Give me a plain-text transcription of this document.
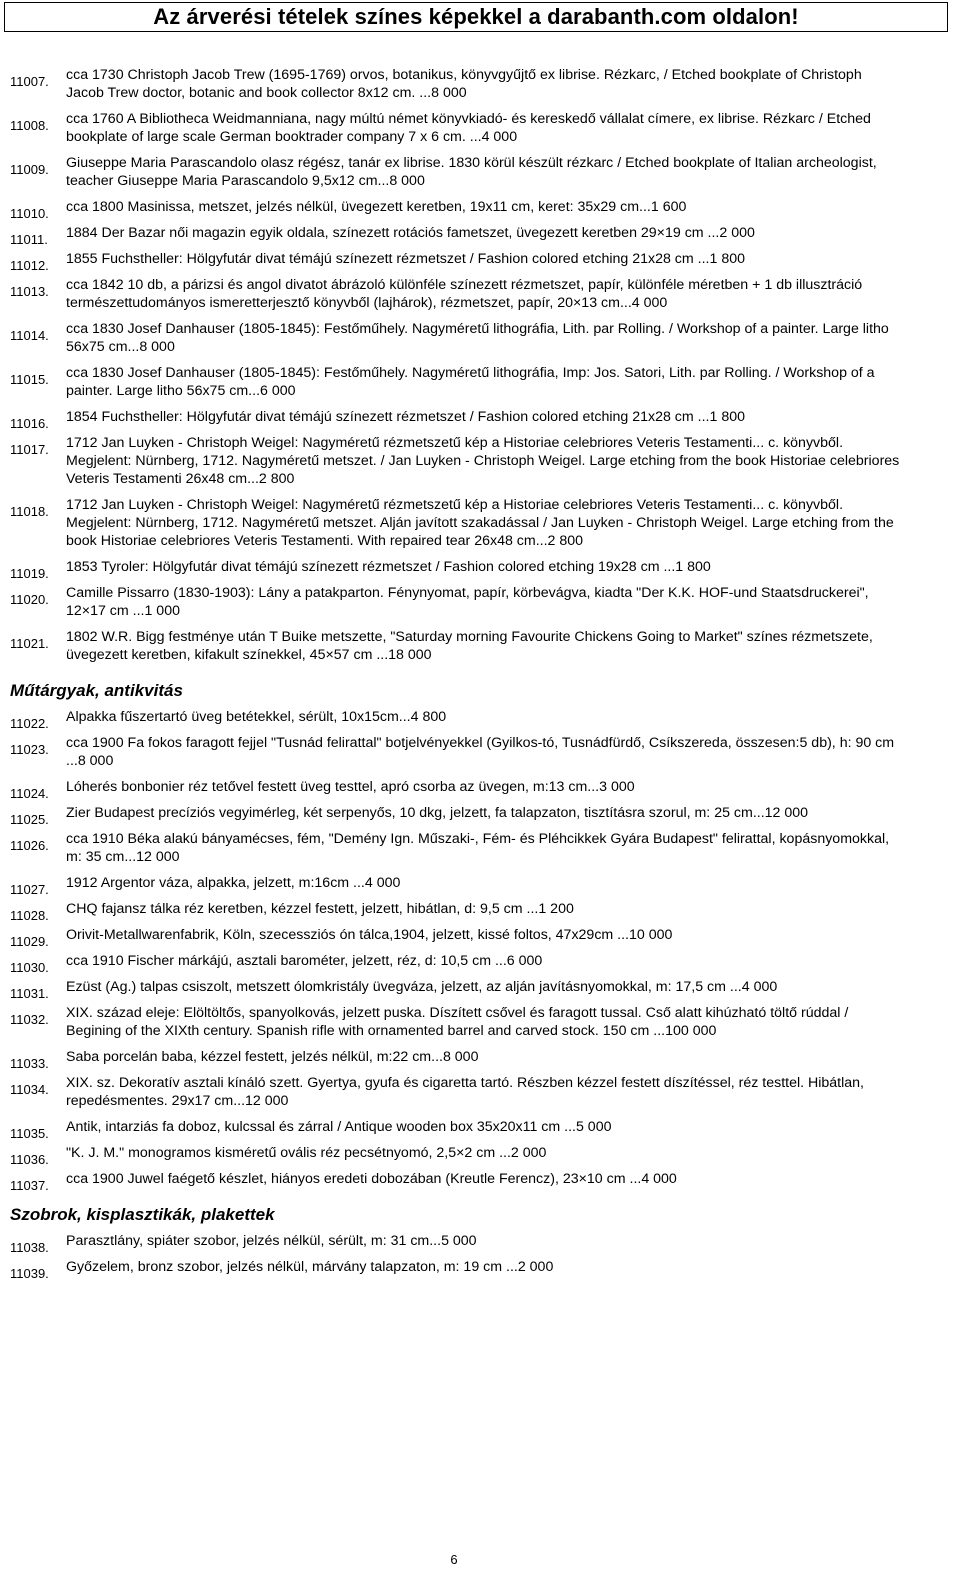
Az árverési tételek színes képekkel a darabanth.com oldalon!
11007. cca 1730 Christoph Jacob Trew (1695-1769) orvos, botanikus, könyvgyűjtő ex librise. Rézkarc, / Etched bookplate of Christoph Jacob Trew doctor, botanic and book collector 8x12 cm. ...8 000
11008. cca 1760 A Bibliotheca Weidmanniana, nagy múltú német könyvkiadó- és kereskedő vállalat címere, ex librise. Rézkarc / Etched bookplate of large scale German booktrader company 7 x 6 cm. ...4 000
11009. Giuseppe Maria Parascandolo olasz régész, tanár ex librise. 1830 körül készült rézkarc / Etched bookplate of Italian archeologist, teacher Giuseppe Maria Parascandolo 9,5x12 cm...8 000
11010. cca 1800 Masinissa, metszet, jelzés nélkül, üvegezett keretben, 19x11 cm, keret: 35x29 cm...1 600
11011. 1884 Der Bazar női magazin egyik oldala, színezett rotációs fametszet, üvegezett keretben 29×19 cm ...2 000
11012. 1855 Fuchstheller: Hölgyfutár divat témájú színezett rézmetszet / Fashion colored etching 21x28 cm ...1 800
11013. cca 1842 10 db, a párizsi és angol divatot ábrázoló különféle színezett rézmetszet, papír, különféle méretben + 1 db illusztráció természettudományos ismeretterjesztő könyvből (lajhárok), rézmetszet, papír, 20×13 cm...4 000
11014. cca 1830 Josef Danhauser (1805-1845): Festőműhely. Nagyméretű lithográfia, Lith. par Rolling. / Workshop of a painter. Large litho 56x75 cm...8 000
11015. cca 1830 Josef Danhauser (1805-1845): Festőműhely. Nagyméretű lithográfia, Imp: Jos. Satori, Lith. par Rolling. / Workshop of a painter. Large litho 56x75 cm...6 000
11016. 1854 Fuchstheller: Hölgyfutár divat témájú színezett rézmetszet / Fashion colored etching 21x28 cm ...1 800
11017. 1712 Jan Luyken - Christoph Weigel: Nagyméretű rézmetszetű kép a Historiae celebriores Veteris Testamenti... c. könyvből. Megjelent: Nürnberg, 1712. Nagyméretű metszet. / Jan Luyken - Christoph Weigel. Large etching from the book Historiae celebriores Veteris Testamenti 26x48 cm...2 800
11018. 1712 Jan Luyken - Christoph Weigel: Nagyméretű rézmetszetű kép a Historiae celebriores Veteris Testamenti... c. könyvből. Megjelent: Nürnberg, 1712. Nagyméretű metszet. Alján javított szakadással / Jan Luyken - Christoph Weigel. Large etching from the book Historiae celebriores Veteris Testamenti. With repaired tear 26x48 cm...2 800
11019. 1853 Tyroler: Hölgyfutár divat témájú színezett rézmetszet / Fashion colored etching 19x28 cm ...1 800
11020. Camille Pissarro (1830-1903): Lány a patakparton. Fénynyomat, papír, körbevágva, kiadta "Der K.K. HOF-und Staatsdruckerei", 12×17 cm ...1 000
11021. 1802 W.R. Bigg festménye után T Buike metszette, "Saturday morning Favourite Chickens Going to Market" színes rézmetszete, üvegezett keretben, kifakult színekkel, 45×57 cm ...18 000
Műtárgyak, antikvitás
11022. Alpakka fűszertartó üveg betétekkel, sérült, 10x15cm...4 800
11023. cca 1900 Fa fokos faragott fejjel "Tusnád felirattal" botjelvényekkel (Gyilkos-tó, Tusnádfürdő, Csíkszereda, összesen:5 db), h: 90 cm ...8 000
11024. Lóherés bonbonier réz tetővel festett üveg testtel, apró csorba az üvegen, m:13 cm...3 000
11025. Zier Budapest precíziós vegyimérleg, két serpenyős, 10 dkg, jelzett, fa talapzaton, tisztításra szorul, m: 25 cm...12 000
11026. cca 1910 Béka alakú bányamécses, fém, "Demény Ign. Műszaki-, Fém- és Pléhcikkek Gyára Budapest" felirattal, kopásnyomokkal, m: 35 cm...12 000
11027. 1912 Argentor váza, alpakka, jelzett, m:16cm ...4 000
11028. CHQ fajansz tálka réz keretben, kézzel festett, jelzett, hibátlan, d: 9,5 cm ...1 200
11029. Orivit-Metallwarenfabrik, Köln, szecessziós ón tálca,1904, jelzett, kissé foltos, 47x29cm ...10 000
11030. cca 1910 Fischer márkájú, asztali barométer, jelzett, réz, d: 10,5 cm ...6 000
11031. Ezüst (Ag.) talpas csiszolt, metszett ólomkristály üvegváza, jelzett, az alján javításnyomokkal, m: 17,5 cm ...4 000
11032. XIX. század eleje: Elöltöltős, spanyolkovás, jelzett puska. Díszített csővel és faragott tussal. Cső alatt kihúzható töltő rúddal / Begining of the XIXth century. Spanish rifle with ornamented barrel and carved stock. 150 cm ...100 000
11033. Saba porcelán baba, kézzel festett, jelzés nélkül, m:22 cm...8 000
11034. XIX. sz. Dekoratív asztali kínáló szett. Gyertya, gyufa és cigaretta tartó. Részben kézzel festett díszítéssel, réz testtel. Hibátlan, repedésmentes. 29x17 cm...12 000
11035. Antik, intarziás fa doboz, kulcssal és zárral / Antique wooden box 35x20x11 cm ...5 000
11036. "K. J. M." monogramos kisméretű ovális réz pecsétnyomó, 2,5×2 cm ...2 000
11037. cca 1900 Juwel faégető készlet, hiányos eredeti dobozában (Kreutle Ferencz), 23×10 cm ...4 000
Szobrok, kisplasztikák, plakettek
11038. Parasztlány, spiáter szobor, jelzés nélkül, sérült, m: 31 cm...5 000
11039. Győzelem, bronz szobor, jelzés nélkül, márvány talapzaton, m: 19 cm ...2 000
6
